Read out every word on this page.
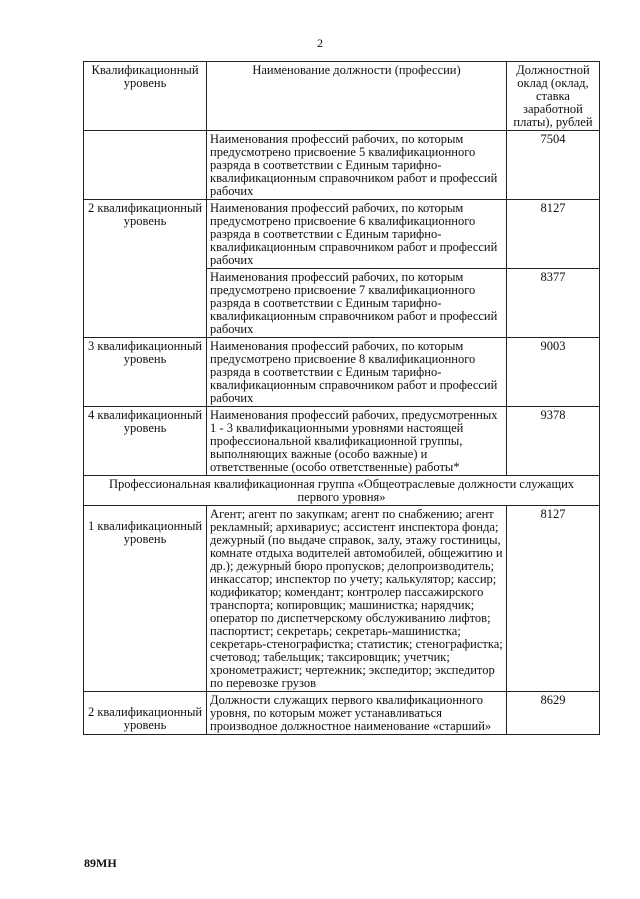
2
Квалификационный уровень	Наименование должности (профессии)	Должностной оклад (оклад, ставка заработной платы), рублей
	Наименования профессий рабочих, по которым предусмотрено присвоение 5 квалификационного разряда в соответствии с Единым тарифно-квалификационным справочником работ и профессий рабочих	7504
2 квалификационный уровень	Наименования профессий рабочих, по которым предусмотрено присвоение 6 квалификационного разряда в соответствии с Единым тарифно-квалификационным справочником работ и профессий рабочих	8127
	Наименования профессий рабочих, по которым предусмотрено присвоение 7 квалификационного разряда в соответствии с Единым тарифно-квалификационным справочником работ и профессий рабочих	8377
3 квалификационный уровень	Наименования профессий рабочих, по которым предусмотрено присвоение 8 квалификационного разряда в соответствии с Единым тарифно-квалификационным справочником работ и профессий рабочих	9003
4 квалификационный уровень	Наименования профессий рабочих, предусмотренных 1 - 3 квалификационными уровнями настоящей профессиональной квалификационной группы, выполняющих важные (особо важные) и ответственные (особо ответственные) работы*	9378
Профессиональная квалификационная группа «Общеотраслевые должности служащих первого уровня»		
1 квалификационный уровень	Агент; агент по закупкам; агент по снабжению; агент рекламный; архивариус; ассистент инспектора фонда; дежурный (по выдаче справок, залу, этажу гостиницы, комнате отдыха водителей автомобилей, общежитию и др.); дежурный бюро пропусков; делопроизводитель; инкассатор; инспектор по учету; калькулятор; кассир; кодификатор; комендант; контролер пассажирского транспорта; копировщик; машинистка; нарядчик; оператор по диспетчерскому обслуживанию лифтов; паспортист; секретарь; секретарь-машинистка; секретарь-стенографистка; статистик; стенографистка; счетовод; табельщик; таксировщик; учетчик; хронометражист; чертежник; экспедитор; экспедитор по перевозке грузов	8127
2 квалификационный уровень	Должности служащих первого квалификационного уровня, по которым может устанавливаться производное должностное наименование «старший»	8629
89МН
